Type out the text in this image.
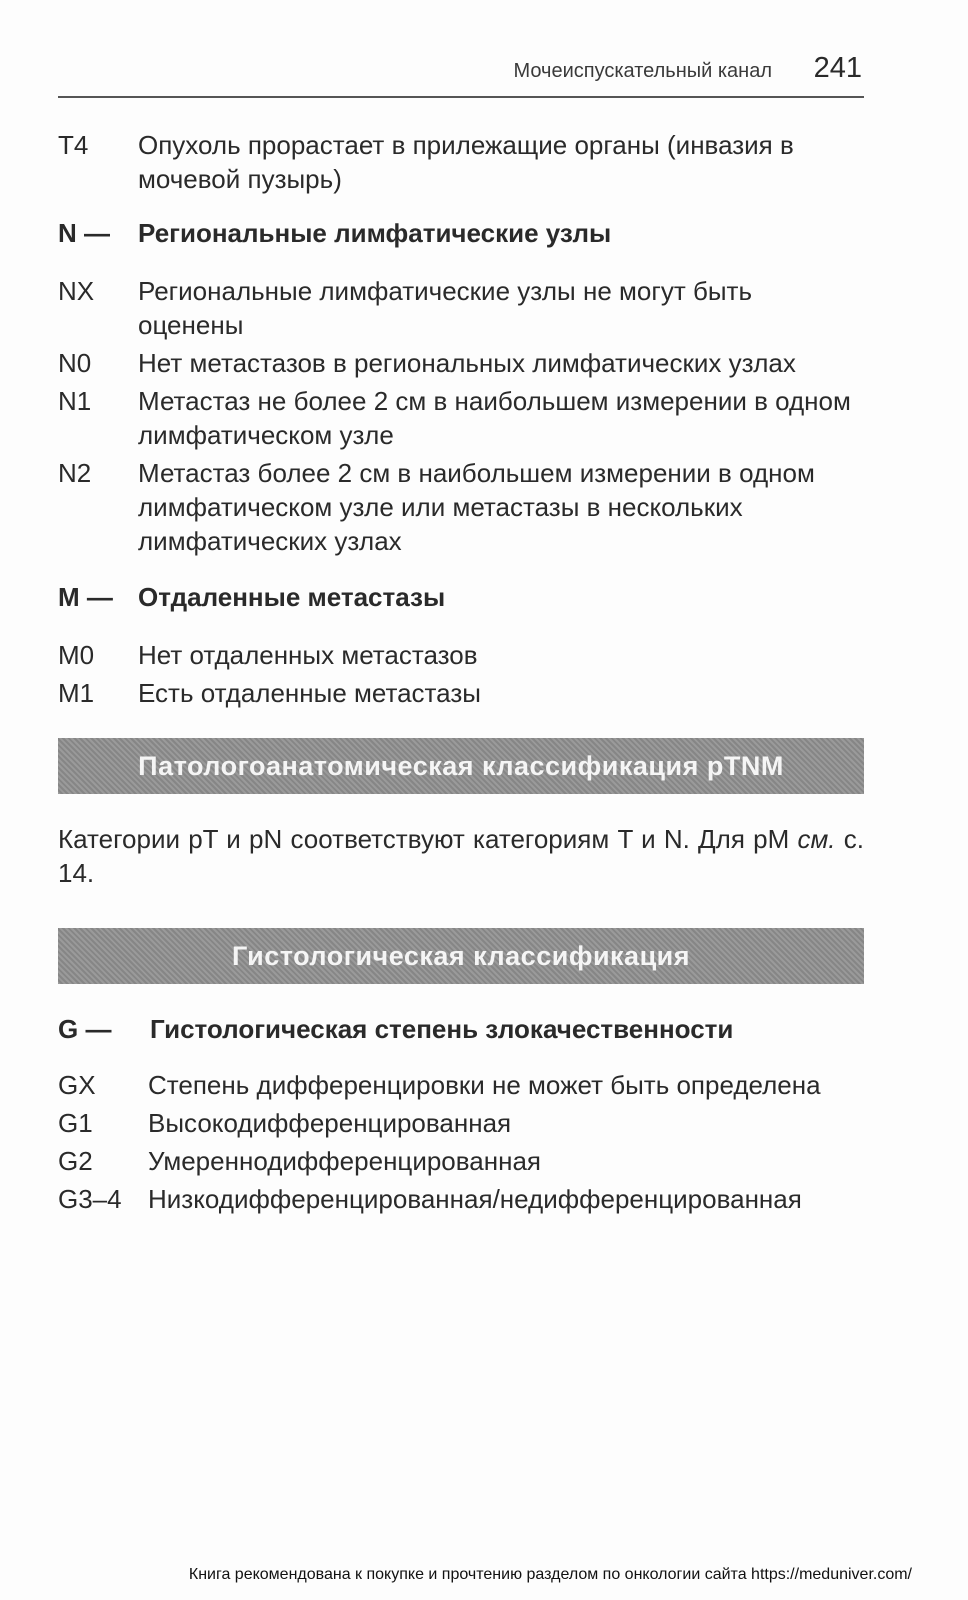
Мочеиспускательный канал 241
T4	Опухоль прорастает в прилежащие органы (инвазия в мочевой пузырь)
N —	Региональные лимфатические узлы
NX	Региональные лимфатические узлы не могут быть оценены
N0	Нет метастазов в региональных лимфатических узлах
N1	Метастаз не более 2 см в наибольшем измерении в одном лимфатическом узле
N2	Метастаз более 2 см в наибольшем измерении в одном лимфатическом узле или метастазы в нескольких лимфатических узлах
M — Отдаленные метастазы
M0	Нет отдаленных метастазов
M1	Есть отдаленные метастазы
Патологоанатомическая классификация pTNM
Категории pT и pN соответствуют категориям T и N. Для pM см. с. 14.
Гистологическая классификация
G —	Гистологическая степень злокачественности
GX	Степень дифференцировки не может быть определена
G1	Высокодифференцированная
G2	Умереннодифференцированная
G3–4	Низкодифференцированная/недифференцированная
Книга рекомендована к покупке и прочтению разделом по онкологии сайта https://meduniver.com/
